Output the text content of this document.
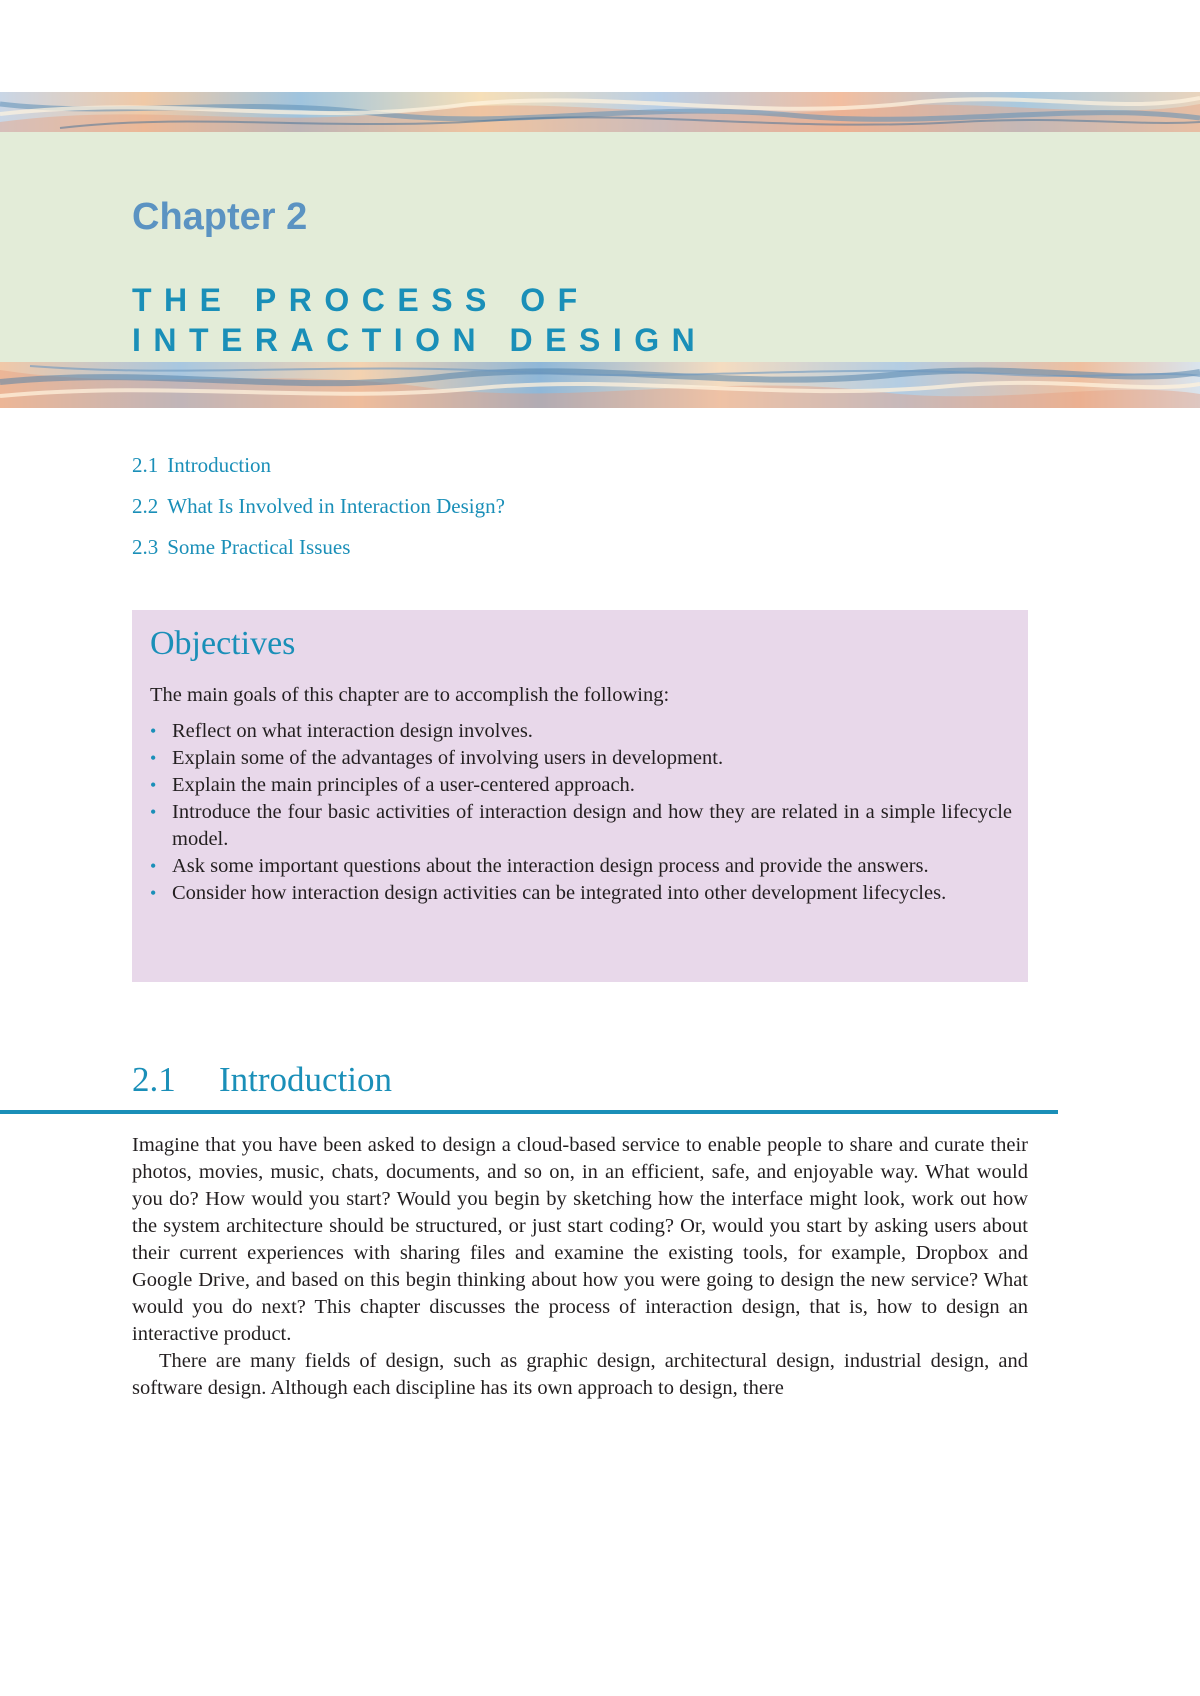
Chapter 2
THE PROCESS OF
INTERACTION DESIGN
2.1 Introduction
2.2 What Is Involved in Interaction Design?
2.3 Some Practical Issues
Objectives

The main goals of this chapter are to accomplish the following:

• Reflect on what interaction design involves.
• Explain some of the advantages of involving users in development.
• Explain the main principles of a user-centered approach.
• Introduce the four basic activities of interaction design and how they are related in a simple lifecycle model.
• Ask some important questions about the interaction design process and provide the answers.
• Consider how interaction design activities can be integrated into other development lifecycles.
2.1 Introduction

Imagine that you have been asked to design a cloud-based service to enable people to share and curate their photos, movies, music, chats, documents, and so on, in an efficient, safe, and enjoyable way. What would you do? How would you start? Would you begin by sketching how the interface might look, work out how the system architecture should be structured, or just start coding? Or, would you start by asking users about their current experiences with sharing files and examine the existing tools, for example, Dropbox and Google Drive, and based on this begin thinking about how you were going to design the new service? What would you do next? This chapter discusses the process of interaction design, that is, how to design an interactive product.

There are many fields of design, such as graphic design, architectural design, industrial design, and software design. Although each discipline has its own approach to design, there
